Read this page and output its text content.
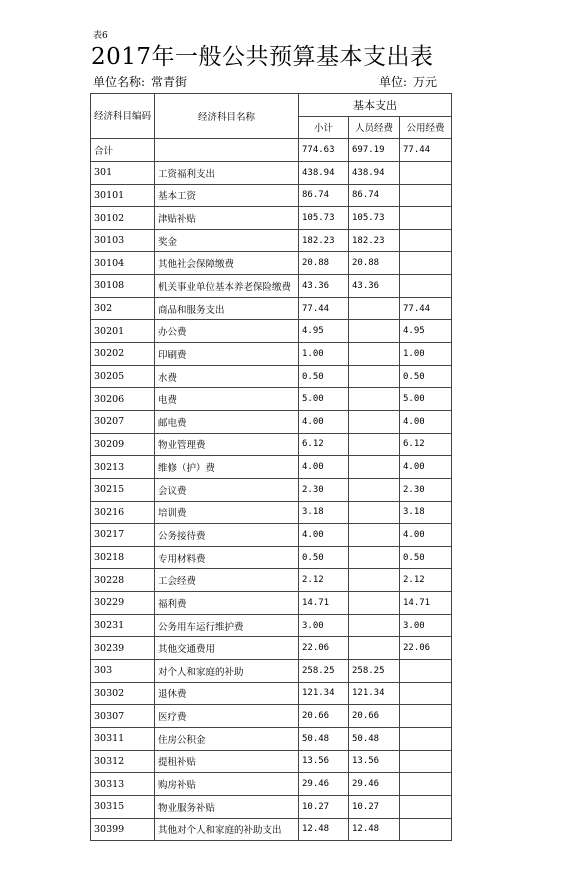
表6
2017年一般公共预算基本支出表
单位名称: 常青街	单位: 万元
经济科目编码	经济科目名称	基本支出		
		小计	人员经费	公用经费
合计		774.63	697.19	77.44
301	工资福利支出	438.94	438.94	
30101	基本工资	86.74	86.74	
30102	津贴补贴	105.73	105.73	
30103	奖金	182.23	182.23	
30104	其他社会保障缴费	20.88	20.88	
30108	机关事业单位基本养老保险缴费	43.36	43.36	
302	商品和服务支出	77.44		77.44
30201	办公费	4.95		4.95
30202	印刷费	1.00		1.00
30205	水费	0.50		0.50
30206	电费	5.00		5.00
30207	邮电费	4.00		4.00
30209	物业管理费	6.12		6.12
30213	维修（护）费	4.00		4.00
30215	会议费	2.30		2.30
30216	培训费	3.18		3.18
30217	公务接待费	4.00		4.00
30218	专用材料费	0.50		0.50
30228	工会经费	2.12		2.12
30229	福利费	14.71		14.71
30231	公务用车运行维护费	3.00		3.00
30239	其他交通费用	22.06		22.06
303	对个人和家庭的补助	258.25	258.25	
30302	退休费	121.34	121.34	
30307	医疗费	20.66	20.66	
30311	住房公积金	50.48	50.48	
30312	提租补贴	13.56	13.56	
30313	购房补贴	29.46	29.46	
30315	物业服务补贴	10.27	10.27	
30399	其他对个人和家庭的补助支出	12.48	12.48	
